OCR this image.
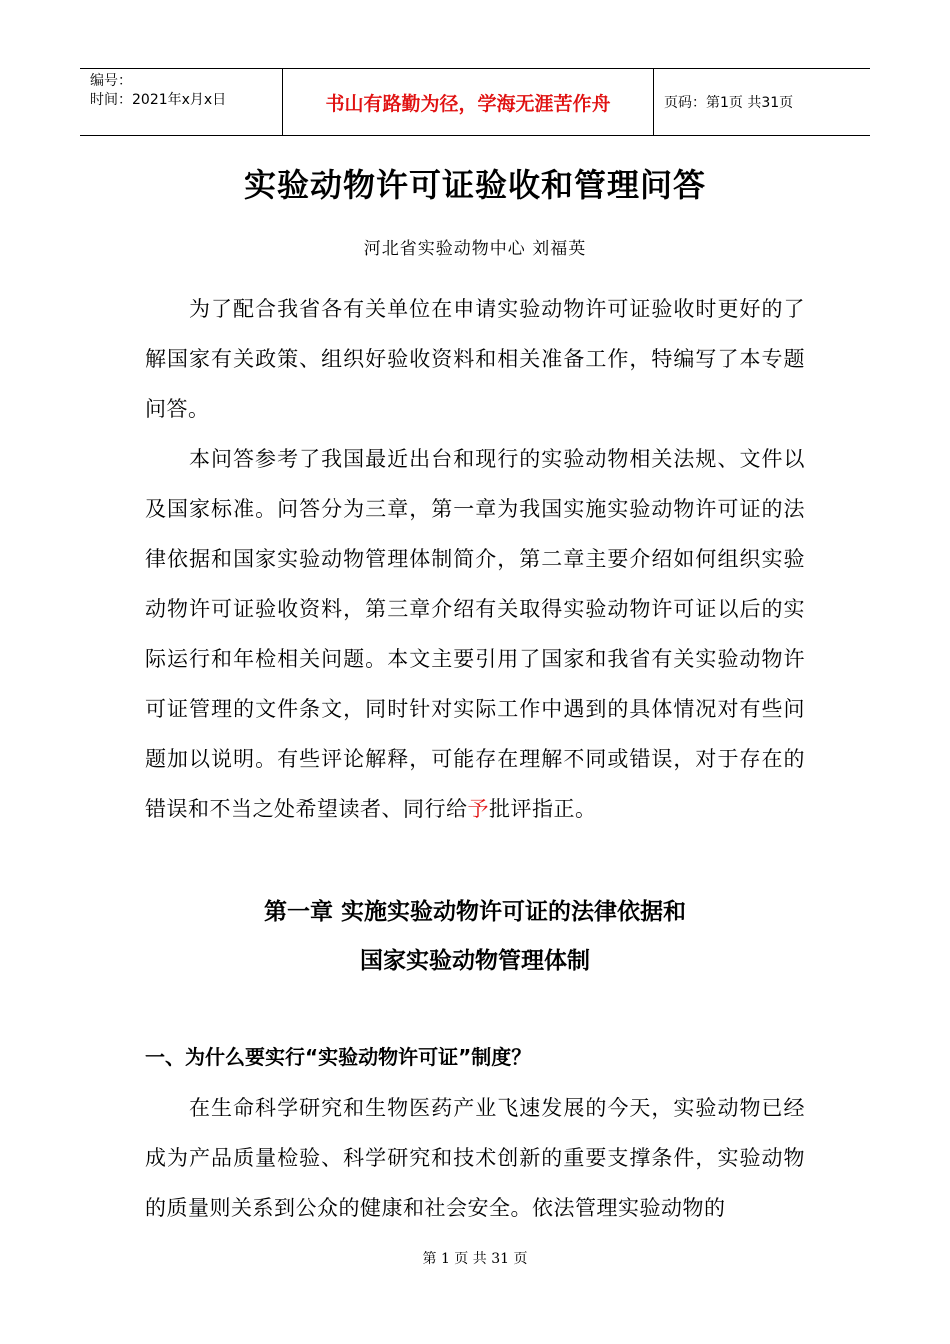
编号：
时间：2021年x月x日	书山有路勤为径，学海无涯苦作舟	页码：第1页 共31页
实验动物许可证验收和管理问答
河北省实验动物中心 刘福英
为了配合我省各有关单位在申请实验动物许可证验收时更好的了解国家有关政策、组织好验收资料和相关准备工作，特编写了本专题问答。
本问答参考了我国最近出台和现行的实验动物相关法规、文件以及国家标准。问答分为三章，第一章为我国实施实验动物许可证的法律依据和国家实验动物管理体制简介，第二章主要介绍如何组织实验动物许可证验收资料，第三章介绍有关取得实验动物许可证以后的实际运行和年检相关问题。本文主要引用了国家和我省有关实验动物许可证管理的文件条文，同时针对实际工作中遇到的具体情况对有些问题加以说明。有些评论解释，可能存在理解不同或错误，对于存在的错误和不当之处希望读者、同行给予批评指正。
第一章 实施实验动物许可证的法律依据和
国家实验动物管理体制
一、为什么要实行“实验动物许可证”制度？
在生命科学研究和生物医药产业飞速发展的今天，实验动物已经成为产品质量检验、科学研究和技术创新的重要支撑条件，实验动物的质量则关系到公众的健康和社会安全。依法管理实验动物的
第 1 页 共 31 页
